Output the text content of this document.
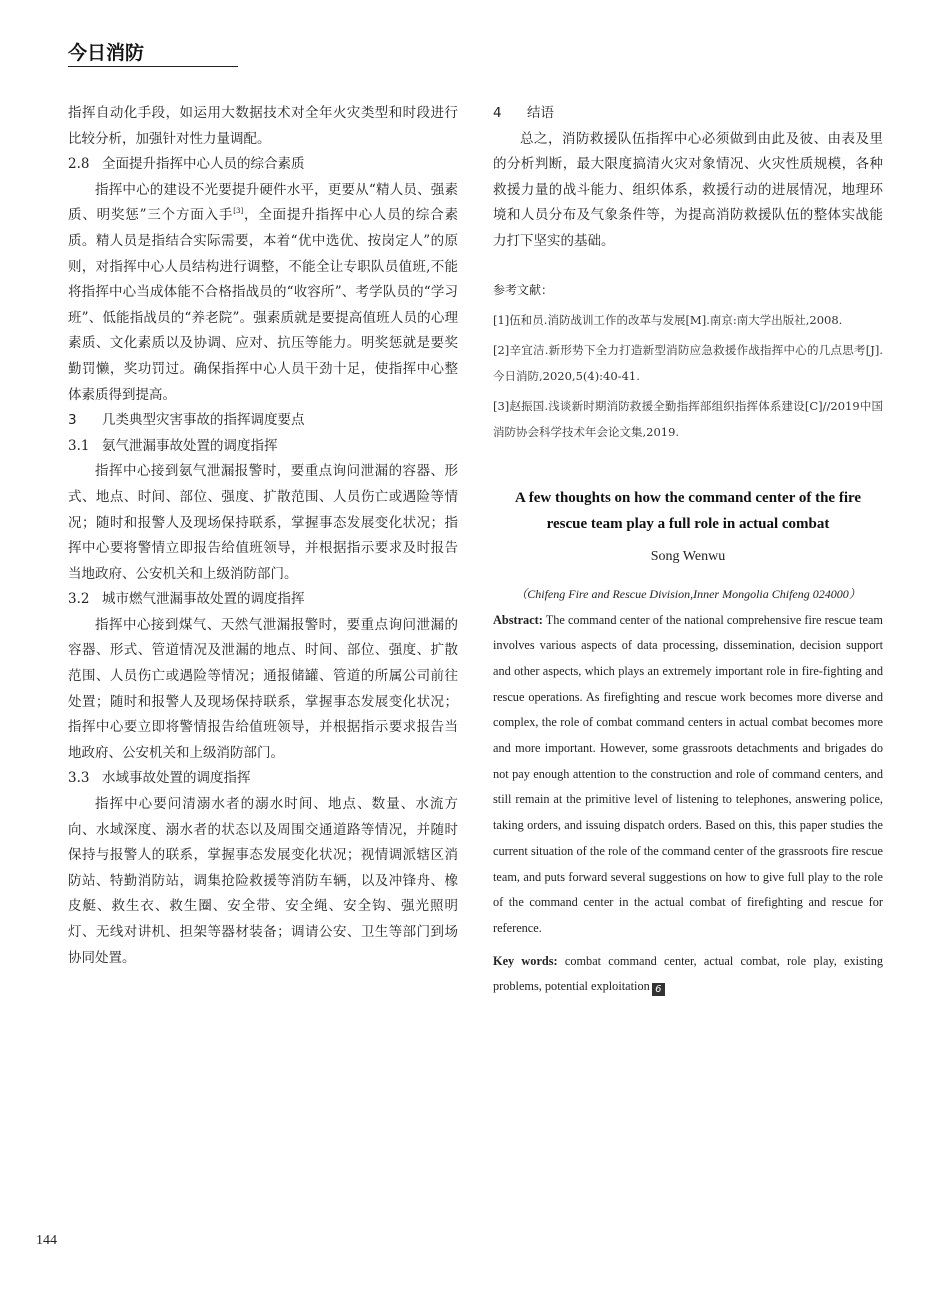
今日消防

指挥自动化手段，如运用大数据技术对全年火灾类型和时段进行比较分析，加强针对性力量调配。

2.8 全面提升指挥中心人员的综合素质

指挥中心的建设不光要提升硬件水平，更要从“精人员、强素质、明奖惩”三个方面入手[3]，全面提升指挥中心人员的综合素质。精人员是指结合实际需要，本着“优中选优、按岗定人”的原则，对指挥中心人员结构进行调整，不能全让专职队员值班,不能将指挥中心当成体能不合格指战员的“收容所”、考学队员的“学习班”、低能指战员的“养老院”。强素质就是要提高值班人员的心理素质、文化素质以及协调、应对、抗压等能力。明奖惩就是要奖勤罚懒，奖功罚过。确保指挥中心人员干劲十足，使指挥中心整体素质得到提高。

3 几类典型灾害事故的指挥调度要点
3.1 氨气泄漏事故处置的调度指挥

指挥中心接到氨气泄漏报警时，要重点询问泄漏的容器、形式、地点、时间、部位、强度、扩散范围、人员伤亡或遇险等情况；随时和报警人及现场保持联系，掌握事态发展变化状况；指挥中心要将警情立即报告给值班领导，并根据指示要求及时报告当地政府、公安机关和上级消防部门。

3.2 城市燃气泄漏事故处置的调度指挥

指挥中心接到煤气、天然气泄漏报警时，要重点询问泄漏的容器、形式、管道情况及泄漏的地点、时间、部位、强度、扩散范围、人员伤亡或遇险等情况；通报储罐、管道的所属公司前往处置；随时和报警人及现场保持联系，掌握事态发展变化状况；指挥中心要立即将警情报告给值班领导，并根据指示要求报告当地政府、公安机关和上级消防部门。

3.3 水域事故处置的调度指挥

指挥中心要问清溺水者的溺水时间、地点、数量、水流方向、水域深度、溺水者的状态以及周围交通道路等情况，并随时保持与报警人的联系，掌握事态发展变化状况；视情调派辖区消防站、特勤消防站，调集抢险救援等消防车辆，以及冲锋舟、橡皮艇、救生衣、救生圈、安全带、安全绳、安全钩、强光照明灯、无线对讲机、担架等器材装备；调请公安、卫生等部门到场协同处置。

4 结语

总之，消防救援队伍指挥中心必须做到由此及彼、由表及里的分析判断，最大限度搞清火灾对象情况、火灾性质规模，各种救援力量的战斗能力、组织体系，救援行动的进展情况，地理环境和人员分布及气象条件等，为提高消防救援队伍的整体实战能力打下坚实的基础。

参考文献：

[1]伍和员.消防战训工作的改革与发展[M].南京:南大学出版社,2008.

[2]辛宜洁.新形势下全力打造新型消防应急救援作战指挥中心的几点思考[J].今日消防,2020,5(4):40-41.

[3]赵振国.浅谈新时期消防救援全勤指挥部组织指挥体系建设[C]//2019中国消防协会科学技术年会论文集,2019.

A few thoughts on how the command center of the fire rescue team play a full role in actual combat

Song Wenwu

（Chifeng Fire and Rescue Division,Inner Mongolia Chifeng 024000）

Abstract: The command center of the national comprehensive fire rescue team involves various aspects of data processing, dissemination, decision support and other aspects, which plays an extremely important role in fire-fighting and rescue operations. As firefighting and rescue work becomes more diverse and complex, the role of combat command centers in actual combat becomes more and more important. However, some grassroots detachments and brigades do not pay enough attention to the construction and role of command centers, and still remain at the primitive level of listening to telephones, answering police, taking orders, and issuing dispatch orders. Based on this, this paper studies the current situation of the role of the command center of the grassroots fire rescue team, and puts forward several suggestions on how to give full play to the role of the command center in the actual combat of firefighting and rescue for reference.

Key words: combat command center, actual combat, role play, existing problems, potential exploitation 6

144
